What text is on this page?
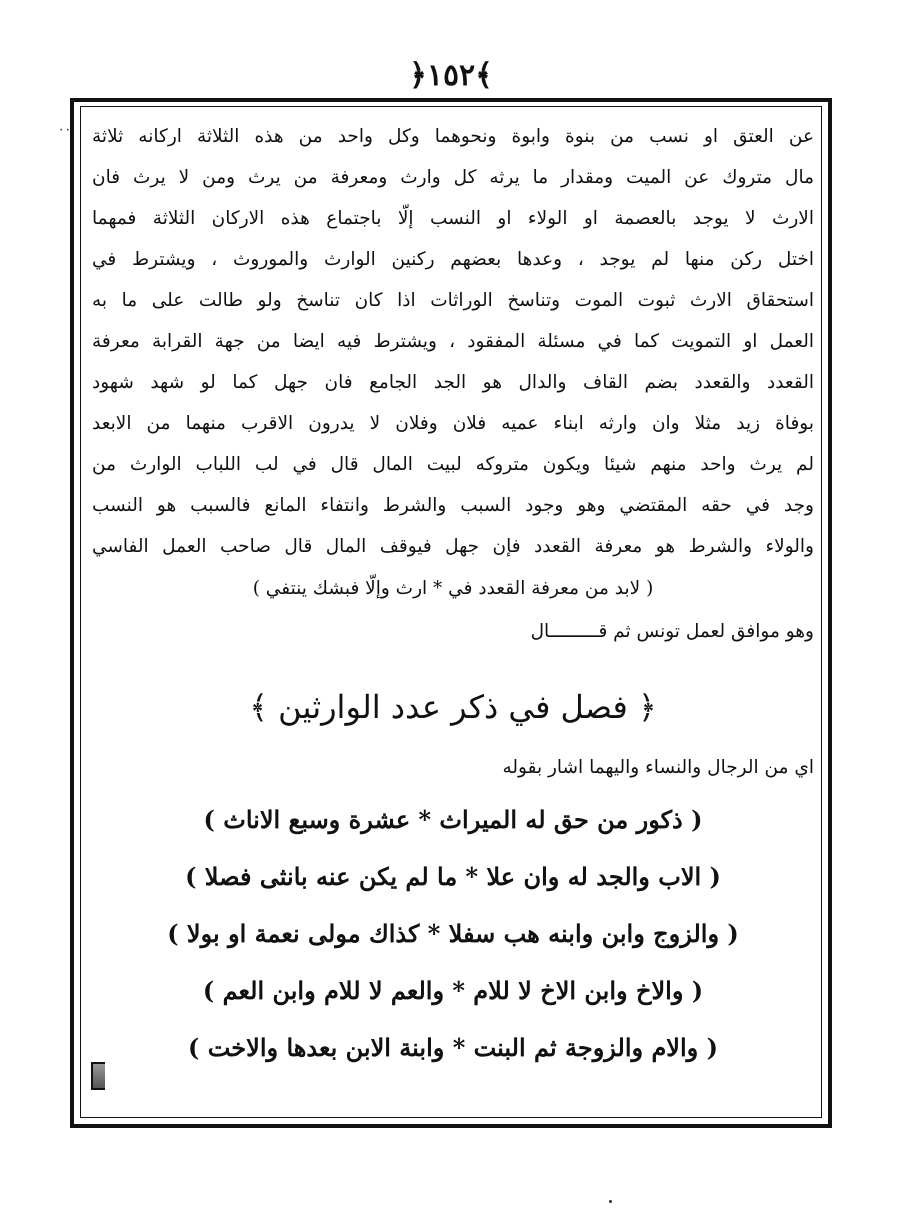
﴾١٥٢﴿
٠٠ عن العتق او نسب من بنوة وابوة ونحوهما وكل واحد من هذه الثلاثة اركانه ثلاثة
مال متروك عن الميت ومقدار ما يرثه كل وارث ومعرفة من يرث ومن لا يرث فان
الارث لا يوجد بالعصمة او الولاء او النسب إلّا باجتماع هذه الاركان الثلاثة فمهما
اختل ركن منها لم يوجد ، وعدها بعضهم ركنين الوارث والموروث ، ويشترط في
استحقاق الارث ثبوت الموت وتناسخ الوراثات اذا كان تناسخ ولو طالت على ما به
العمل او التمويت كما في مسئلة المفقود ، ويشترط فيه ايضا من جهة القرابة معرفة
القعدد والقعدد بضم القاف والدال هو الجد الجامع فان جهل كما لو شهد شهود
بوفاة زيد مثلا وان وارثه ابناء عميه فلان وفلان لا يدرون الاقرب منهما من الابعد
لم يرث واحد منهم شيئا ويكون متروكه لبيت المال قال في لب اللباب الوارث من
وجد في حقه المقتضي وهو وجود السبب والشرط وانتفاء المانع فالسبب هو النسب
والولاء والشرط هو معرفة القعدد فإن جهل فيوقف المال قال صاحب العمل الفاسي
( لابد من معرفة القعدد في * ارث وإلّا فبشك ينتفي )
وهو موافق لعمل تونس ثم قـــــــــال
﴿ فصل في ذكر عدد الوارثين ﴾
اي من الرجال والنساء واليهما اشار بقوله
( ذكور من حق له الميراث * عشرة وسبع الاناث )
( الاب والجد له وان علا * ما لم يكن عنه بانثى فصلا )
( والزوج وابن وابنه هب سفلا * كذاك مولى نعمة او بولا )
( والاخ وابن الاخ لا للام * والعم لا للام وابن العم )
( والام والزوجة ثم البنت * وابنة الابن بعدها والاخت )
